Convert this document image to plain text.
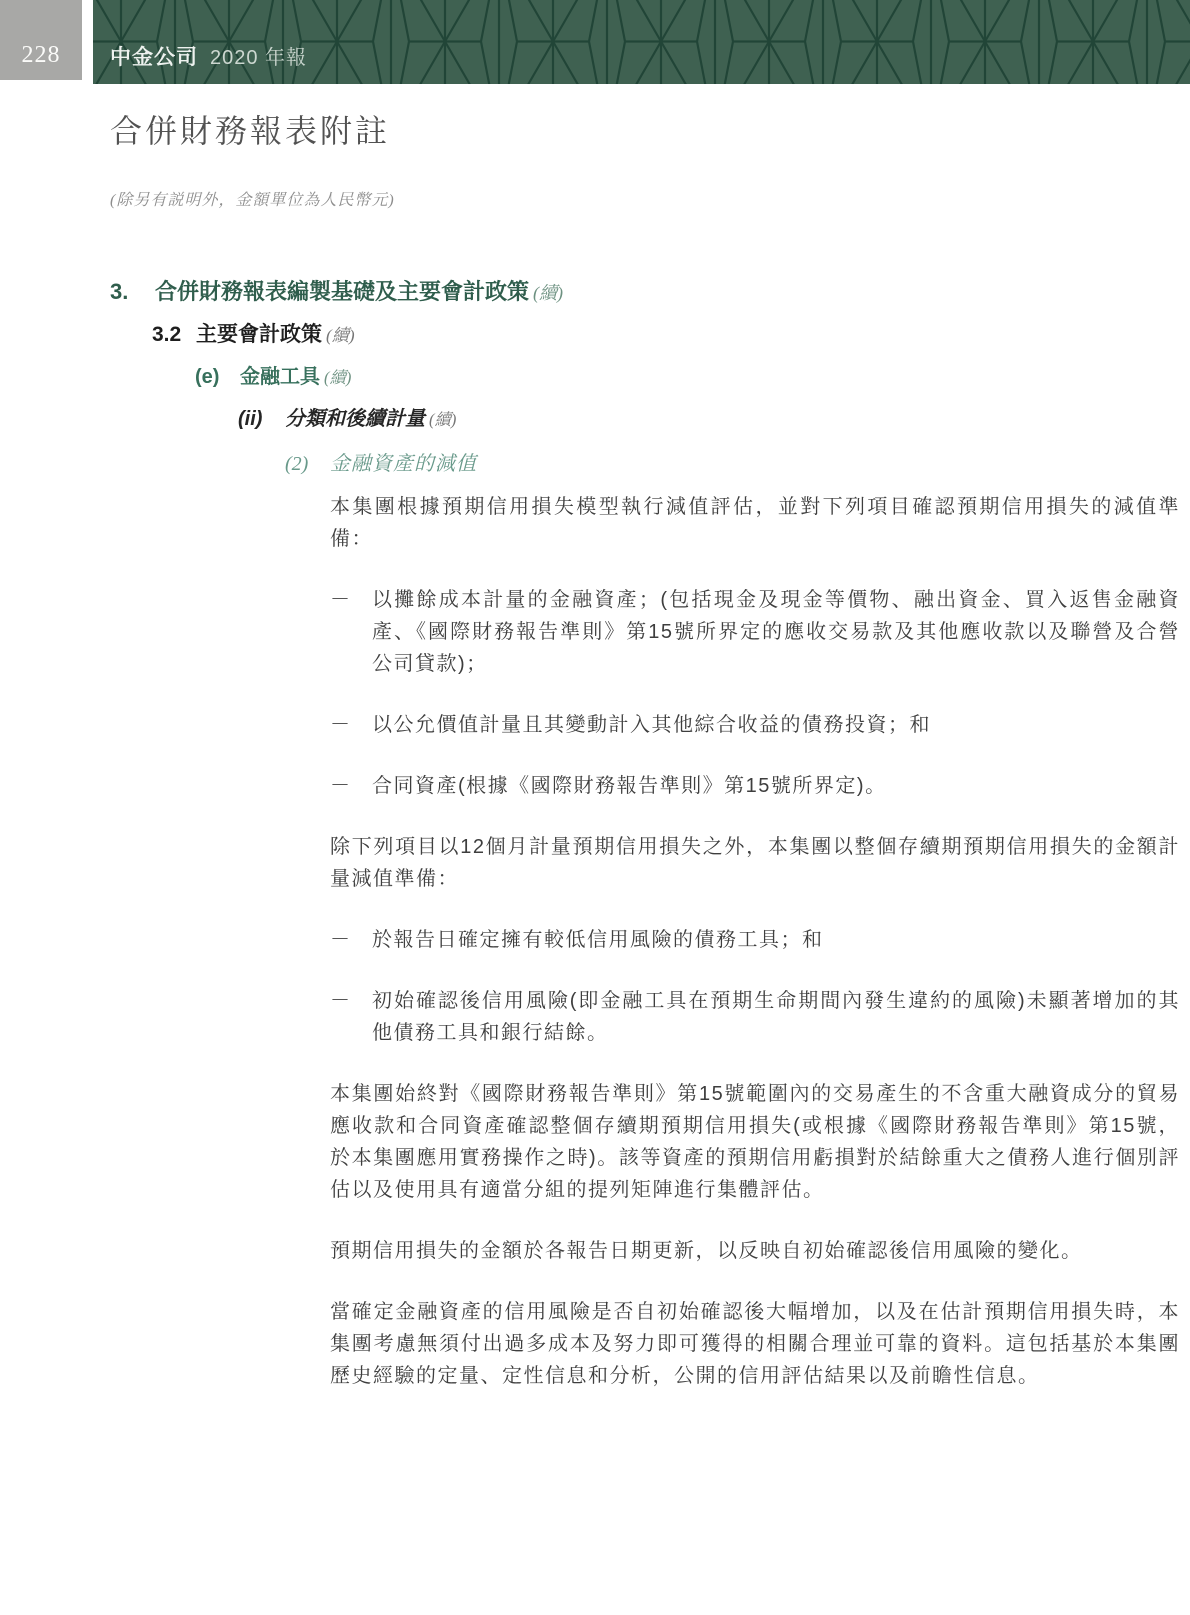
228 中金公司 2020 年報
合併財務報表附註
(除另有説明外，金額單位為人民幣元)
3.	合併財務報表編製基礎及主要會計政策 (續)
3.2 主要會計政策 (續)
(e)	金融工具 (續)
(ii)	分類和後續計量 (續)
(2)	金融資產的減值

本集團根據預期信用損失模型執行減值評估，並對下列項目確認預期信用損失的減值準備：

－	以攤餘成本計量的金融資產；(包括現金及現金等價物、融出資金、買入返售金融資產、《國際財務報告準則》第15號所界定的應收交易款及其他應收款以及聯營及合營公司貸款)；
－	以公允價值計量且其變動計入其他綜合收益的債務投資；和
－	合同資產(根據《國際財務報告準則》第15號所界定)。

除下列項目以12個月計量預期信用損失之外，本集團以整個存續期預期信用損失的金額計量減值準備：

－	於報告日確定擁有較低信用風險的債務工具；和
－	初始確認後信用風險(即金融工具在預期生命期間內發生違約的風險)未顯著增加的其他債務工具和銀行結餘。

本集團始終對《國際財務報告準則》第15號範圍內的交易產生的不含重大融資成分的貿易應收款和合同資產確認整個存續期預期信用損失(或根據《國際財務報告準則》第15號，於本集團應用實務操作之時)。該等資產的預期信用虧損對於結餘重大之債務人進行個別評估以及使用具有適當分組的提列矩陣進行集體評估。

預期信用損失的金額於各報告日期更新，以反映自初始確認後信用風險的變化。

當確定金融資產的信用風險是否自初始確認後大幅增加，以及在估計預期信用損失時，本集團考慮無須付出過多成本及努力即可獲得的相關合理並可靠的資料。這包括基於本集團歷史經驗的定量、定性信息和分析，公開的信用評估結果以及前瞻性信息。
